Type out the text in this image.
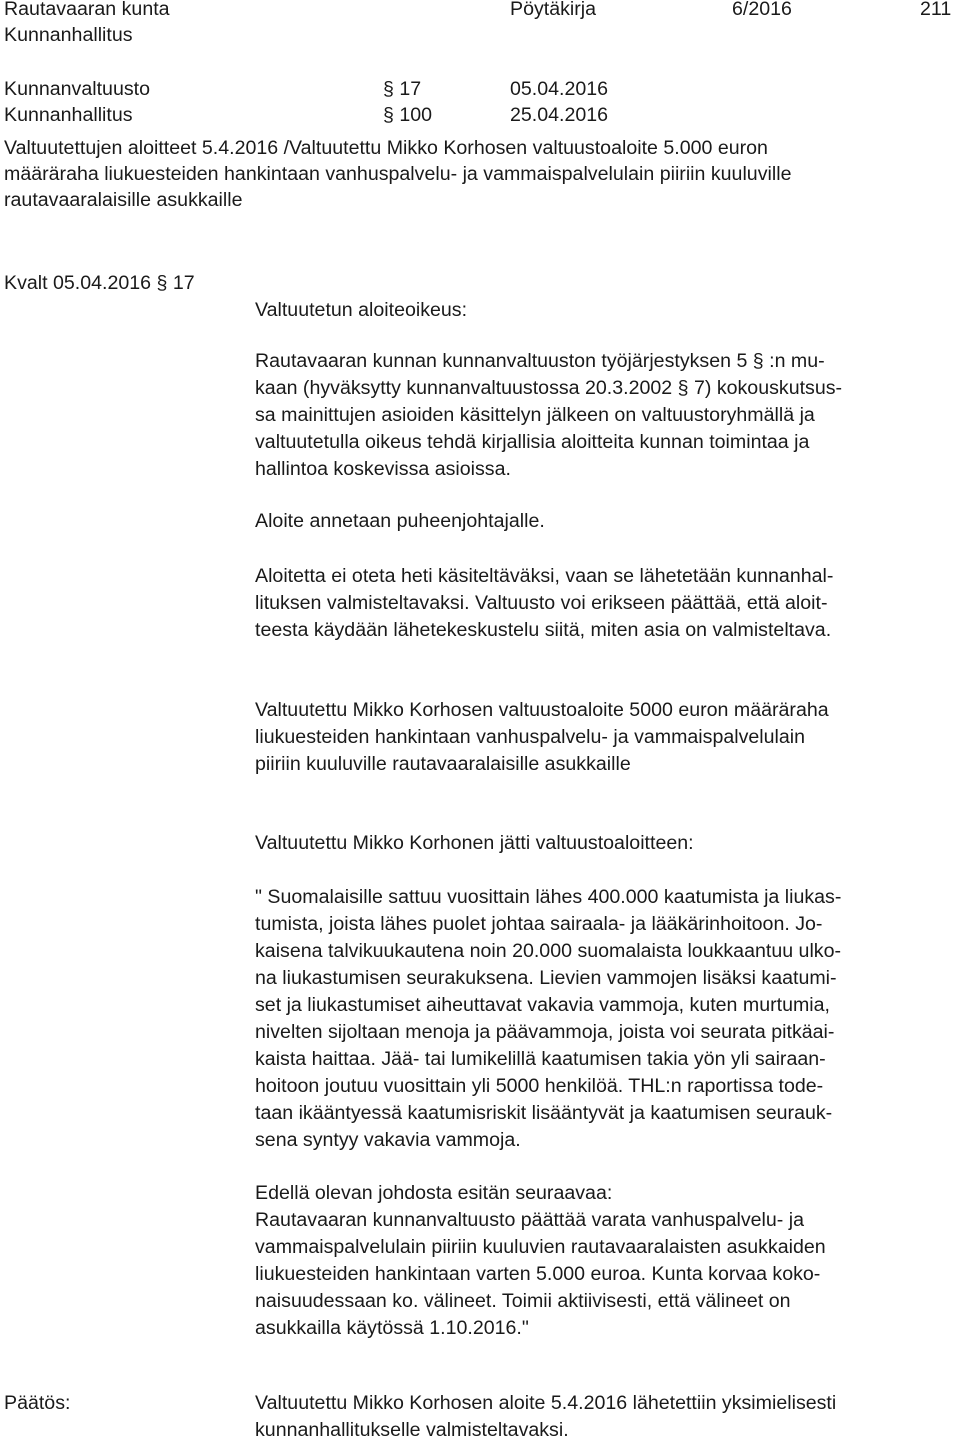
Rautavaaran kunta	Pöytäkirja	6/2016	211
Kunnanhallitus
Kunnanvaltuusto	§ 17	05.04.2016
Kunnanhallitus	§ 100	25.04.2016
Valtuutettujen aloitteet 5.4.2016 /Valtuutettu Mikko Korhosen valtuustoaloite 5.000 euron
määräraha liukuesteiden hankintaan vanhuspalvelu- ja vammaispalvelulain piiriin kuuluville
rautavaaralaisille asukkaille
Kvalt 05.04.2016 § 17
Valtuutetun aloiteoikeus:
Rautavaaran kunnan kunnanvaltuuston työjärjestyksen 5 § :n mu-
kaan (hyväksytty kunnanvaltuustossa 20.3.2002 § 7) kokouskutsus-
sa mainittujen asioiden käsittelyn jälkeen on valtuustoryhmällä ja
valtuutetulla oikeus tehdä kirjallisia aloitteita kunnan toimintaa ja
hallintoa koskevissa asioissa.
Aloite annetaan puheenjohtajalle.
Aloitetta ei oteta heti käsiteltäväksi, vaan se lähetetään kunnanhal-
lituksen valmisteltavaksi. Valtuusto voi erikseen päättää, että aloit-
teesta käydään lähetekeskustelu siitä, miten asia on valmisteltava.
Valtuutettu Mikko Korhosen valtuustoaloite 5000 euron määräraha
liukuesteiden hankintaan vanhuspalvelu- ja vammaispalvelulain
piiriin kuuluville rautavaaralaisille asukkaille
Valtuutettu Mikko Korhonen jätti valtuustoaloitteen:
" Suomalaisille sattuu vuosittain lähes 400.000 kaatumista ja liukas-
tumista, joista lähes puolet johtaa sairaala- ja lääkärinhoitoon. Jo-
kaisena talvikuukautena noin 20.000 suomalaista loukkaantuu ulko-
na liukastumisen seurakuksena. Lievien vammojen lisäksi kaatumi-
set ja liukastumiset aiheuttavat vakavia vammoja, kuten murtumia,
nivelten sijoltaan menoja ja päävammoja, joista voi seurata pitkäai-
kaista haittaa. Jää- tai lumikelillä kaatumisen takia yön yli sairaan-
hoitoon joutuu vuosittain yli 5000 henkilöä. THL:n raportissa tode-
taan ikääntyessä kaatumisriskit lisääntyvät ja kaatumisen seurauk-
sena syntyy vakavia vammoja.
Edellä olevan johdosta esitän seuraavaa:
Rautavaaran kunnanvaltuusto päättää varata vanhuspalvelu- ja
vammaispalvelulain piiriin kuuluvien rautavaaralaisten asukkaiden
liukuesteiden hankintaan varten 5.000 euroa. Kunta korvaa koko-
naisuudessaan ko. välineet. Toimii aktiivisesti, että välineet on
asukkailla käytössä 1.10.2016."
Päätös:	Valtuutettu Mikko Korhosen aloite 5.4.2016 lähetettiin yksimielisesti
kunnanhallitukselle valmisteltavaksi.
